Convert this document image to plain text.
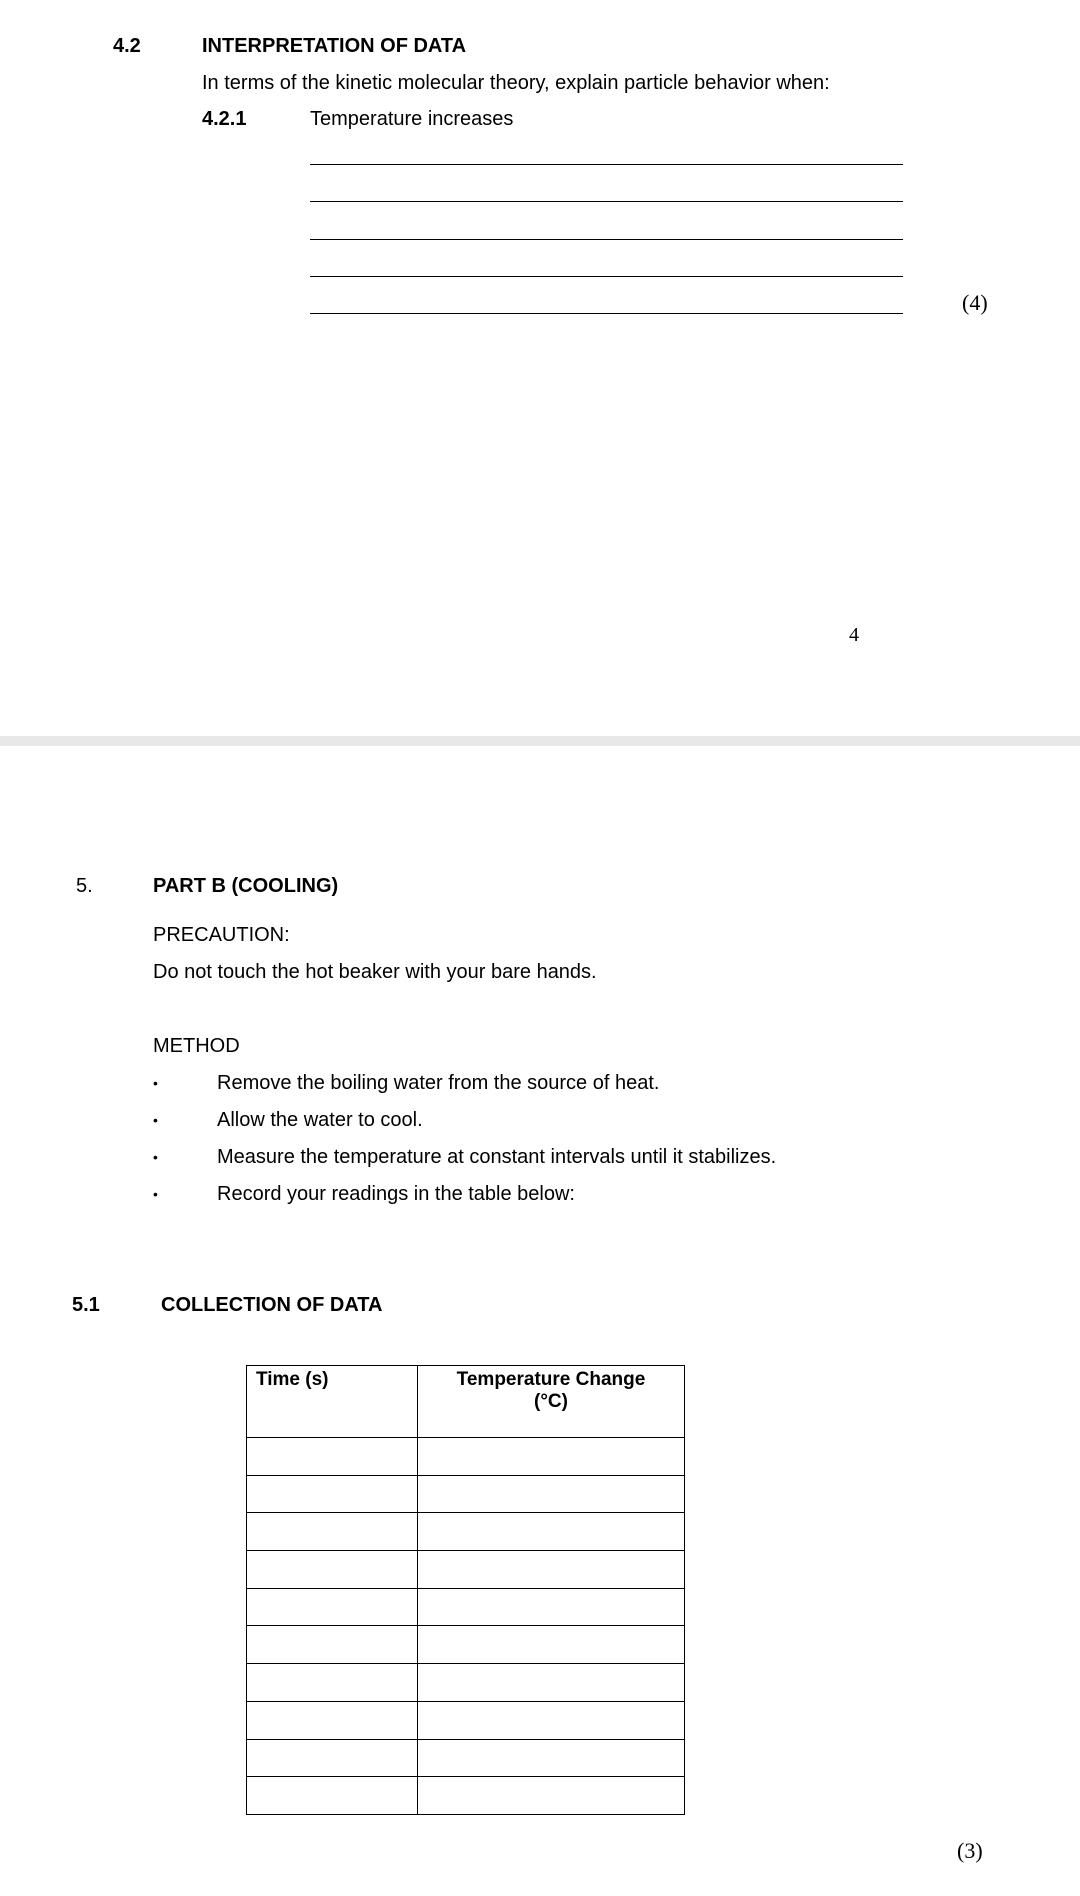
4.2	INTERPRETATION OF DATA
In terms of the kinetic molecular theory, explain particle behavior when:
4.2.1	Temperature increases
(4)
4
5.	PART B (COOLING)
PRECAUTION:
Do not touch the hot beaker with your bare hands.
METHOD
•	Remove the boiling water from the source of heat.
•	Allow the water to cool.
•	Measure the temperature at constant intervals until it stabilizes.
•	Record your readings in the table below:
5.1	COLLECTION OF DATA
Time (s)	Temperature Change
(°C)

(3)
